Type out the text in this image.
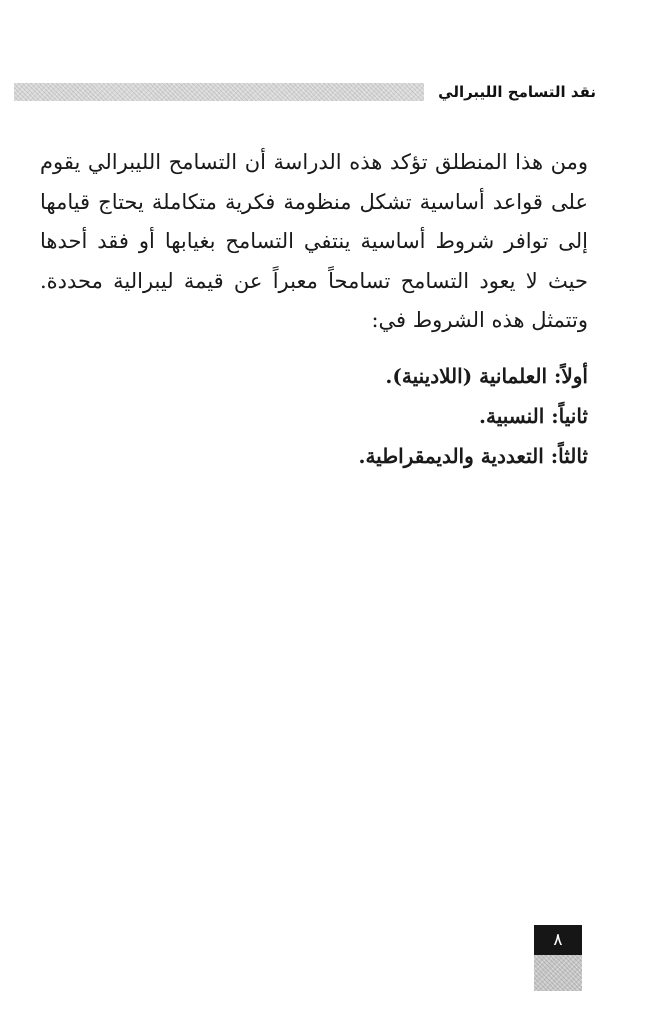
نقد التسامح الليبرالي

ومن هذا المنطلق تؤكد هذه الدراسة أن التسامح الليبرالي يقوم على قواعد أساسية تشكل منظومة فكرية متكاملة يحتاج قيامها إلى توافر شروط أساسية ينتفي التسامح بغيابها أو فقد أحدها حيث لا يعود التسامح تسامحاً معبراً عن قيمة ليبرالية محددة. وتتمثل هذه الشروط في:

أولاً: العلمانية (اللادينية).
ثانياً: النسبية.
ثالثاً: التعددية والديمقراطية.
٨
